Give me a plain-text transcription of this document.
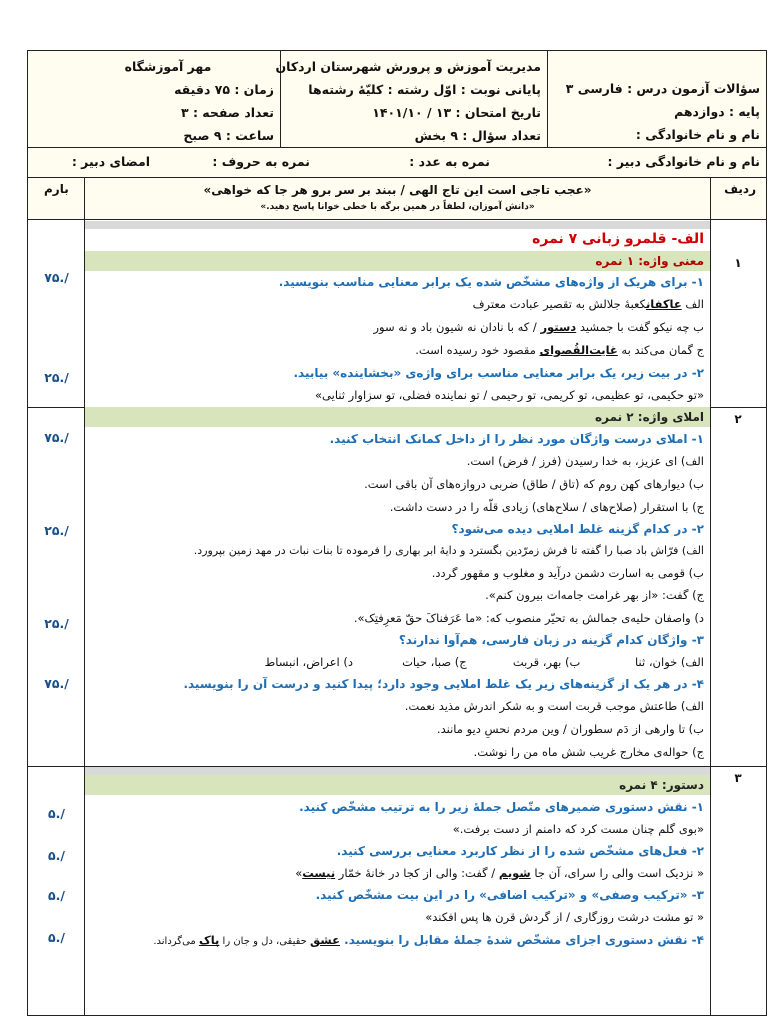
سؤالات آزمون درس : فارسی ۳
پایه : دوازدهم
نام و نام خانوادگی :
مدیریت آموزش و پرورش شهرستان اردکان
پایانی نوبت : اوّل رشته : کلیّهٔ رشته‌ها
تاریخ امتحان : ۱۳ / ۱۴۰۱/۱۰
تعداد سؤال : ۹ بخش
مهر آموزشگاه
زمان : ۷۵ دقیقه
تعداد صفحه : ۳
ساعت : ۹ صبح
نام و نام خانوادگی دبیر :
نمره به عدد :
نمره به حروف :
امضای دبیر :
ردیف
بارم	«عجب تاجی است این تاج الهی / ببند بر سر برو هر جا که خواهی»
«دانش آموزان، لطفاً در همین برگه با خطی خوانا پاسخ دهید.»
۱
۲
۳
/.۷۵
/.۲۵
/.۷۵
/.۲۵
/.۲۵
/.۷۵
/.۵
/.۵
/.۵
/.۵
الف- قلمرو زبانی ۷ نمره
معنی واژه: ۱ نمره
۱- برای هریک از واژه‌های مشخّص شده یک برابر معنایی مناسب بنویسید.
الف عاکفانکعبهٔ جلالش به تقصیر عبادت معترف
ب چه نیکو گفت با جمشید دستور / که با نادان نه شیون باد و نه سور
ج گمان می‌کند به غایت‌القُصوای مقصود خود رسیده است.
۲- در بیت زیر، یک برابر معنایی مناسب برای واژه‌ی «بخشاینده» بیابید.
«تو حکیمی، تو عظیمی، تو کریمی، تو رحیمی / تو نماینده فضلی، تو سزاوار ثنایی»
املای واژه: ۲ نمره
۱- املای درست واژگان مورد نظر را از داخل کمانک انتخاب کنید.
الف) ای عزیز، به خدا رسیدن (فرز / فرض) است.
ب) دیوارهای کهن روم که (تاق / طاق) ضربی دروازه‌های آن باقی است.
ج) با استقرار (صلاح‌های / سلاح‌های) زیادی قلّه را در دست داشت.
۲- در کدام گزینه غلط املایی دیده می‌شود؟
الف) فرّاش باد صبا را گفته تا فرش زمرّدین بگسترد و دایهٔ ابر بهاری را فرموده تا بنات نبات در مهد زمین بپرورد.
ب) قومی به اسارت دشمن درآید و مغلوب و مقهور گردد.
ج) گفت: «از بهر غرامت جامه‌ات بیرون کنم».
د) واصفان حلیه‌ی جمالش به تحیّر منصوب که: «ما عَرَفناکَ حقّ مَعرِفتِک».
۳- واژگان کدام گزینه در زبان فارسی، هم‌آوا ندارند؟
الف) خوان، ثنا ب) بهر، قربت ج) صبا، حیات د) اعراض، انبساط
۴- در هر یک از گزینه‌های زیر یک غلط املایی وجود دارد؛ پیدا کنید و درست آن را بنویسید.
الف) طاعتش موجب قربت است و به شکر اندرش مذید نعمت.
ب) تا وارهی از دَم سطوران / وین مردم نحسِ دیو مانند.
ج) حواله‌ی مخارج غریب شش ماه من را نوشت.
دستور: ۴ نمره
۱- نقش دستوری ضمیرهای متّصل جملهٔ زیر را به ترتیب مشخّص کنید.
«بوی گلم چنان مست کرد که دامنم از دست برفت.»
۲- فعل‌های مشخّص شده را از نظر کاربرد معنایی بررسی کنید.
« نزدیک است والی را سرای، آن جا شویم / گفت: والی از کجا در خانهٔ خمّار نیست»
۳- «ترکیب وصفی» و «ترکیب اضافی» را در این بیت مشخّص کنید.
« تو مشت درشت روزگاری / از گردش قرن ها پس افکند»
۴- نقش دستوری اجزای مشخّص شدهٔ جملهٔ مقابل را بنویسید. عشق حقیقی، دل و جان را پاک می‌گرداند.
